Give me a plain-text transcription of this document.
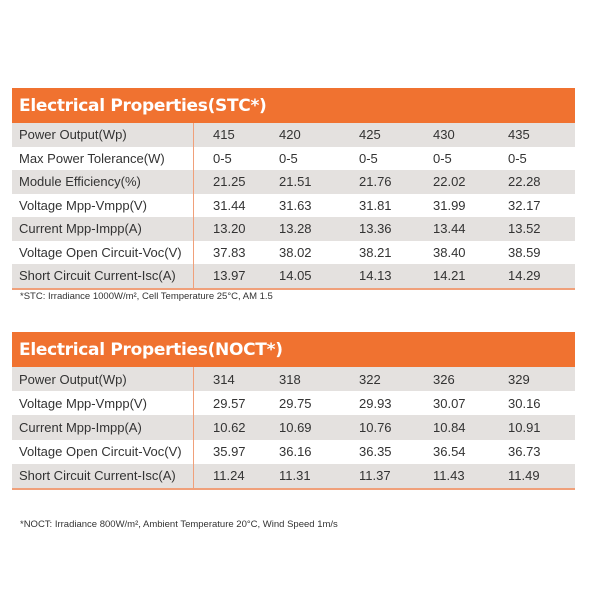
Electrical Properties(STC*)
Power Output(Wp)	415	420	425	430	435
Max Power Tolerance(W)	0-5	0-5	0-5	0-5	0-5
Module Efficiency(%)	21.25	21.51	21.76	22.02	22.28
Voltage Mpp-Vmpp(V)	31.44	31.63	31.81	31.99	32.17
Current Mpp-Impp(A)	13.20	13.28	13.36	13.44	13.52
Voltage Open Circuit-Voc(V)	37.83	38.02	38.21	38.40	38.59
Short Circuit Current-Isc(A)	13.97	14.05	14.13	14.21	14.29
*STC: Irradiance 1000W/m², Cell Temperature 25°C, AM 1.5
Electrical Properties(NOCT*)
Power Output(Wp)	314	318	322	326	329
Voltage Mpp-Vmpp(V)	29.57	29.75	29.93	30.07	30.16
Current Mpp-Impp(A)	10.62	10.69	10.76	10.84	10.91
Voltage Open Circuit-Voc(V)	35.97	36.16	36.35	36.54	36.73
Short Circuit Current-Isc(A)	11.24	11.31	11.37	11.43	11.49
*NOCT: Irradiance 800W/m², Ambient Temperature 20°C, Wind Speed 1m/s
